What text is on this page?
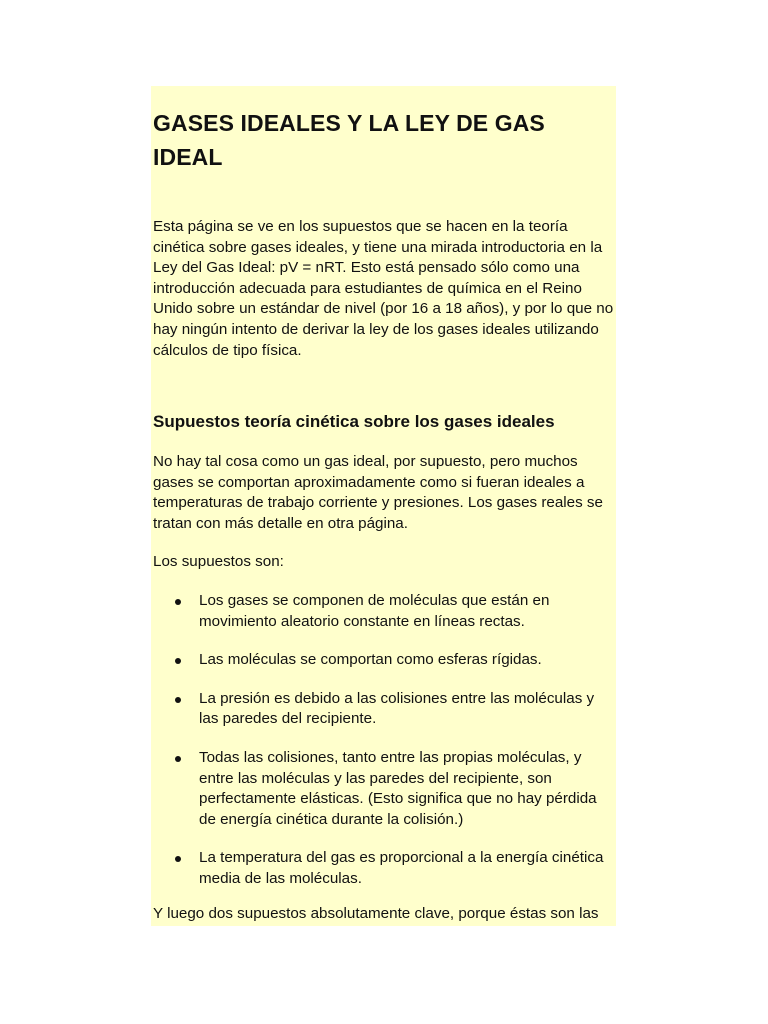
GASES IDEALES Y LA LEY DE GAS IDEAL

Esta página se ve en los supuestos que se hacen en la teoría cinética sobre gases ideales, y tiene una mirada introductoria en la Ley del Gas Ideal: pV = nRT. Esto está pensado sólo como una introducción adecuada para estudiantes de química en el Reino Unido sobre un estándar de nivel (por 16 a 18 años), y por lo que no hay ningún intento de derivar la ley de los gases ideales utilizando cálculos de tipo física.

Supuestos teoría cinética sobre los gases ideales

No hay tal cosa como un gas ideal, por supuesto, pero muchos gases se comportan aproximadamente como si fueran ideales a temperaturas de trabajo corriente y presiones. Los gases reales se tratan con más detalle en otra página.

Los supuestos son:

Los gases se componen de moléculas que están en movimiento aleatorio constante en líneas rectas.
Las moléculas se comportan como esferas rígidas.
La presión es debido a las colisiones entre las moléculas y las paredes del recipiente.
Todas las colisiones, tanto entre las propias moléculas, y entre las moléculas y las paredes del recipiente, son perfectamente elásticas. (Esto significa que no hay pérdida de energía cinética durante la colisión.)
La temperatura del gas es proporcional a la energía cinética media de las moléculas.

Y luego dos supuestos absolutamente clave, porque éstas son las
